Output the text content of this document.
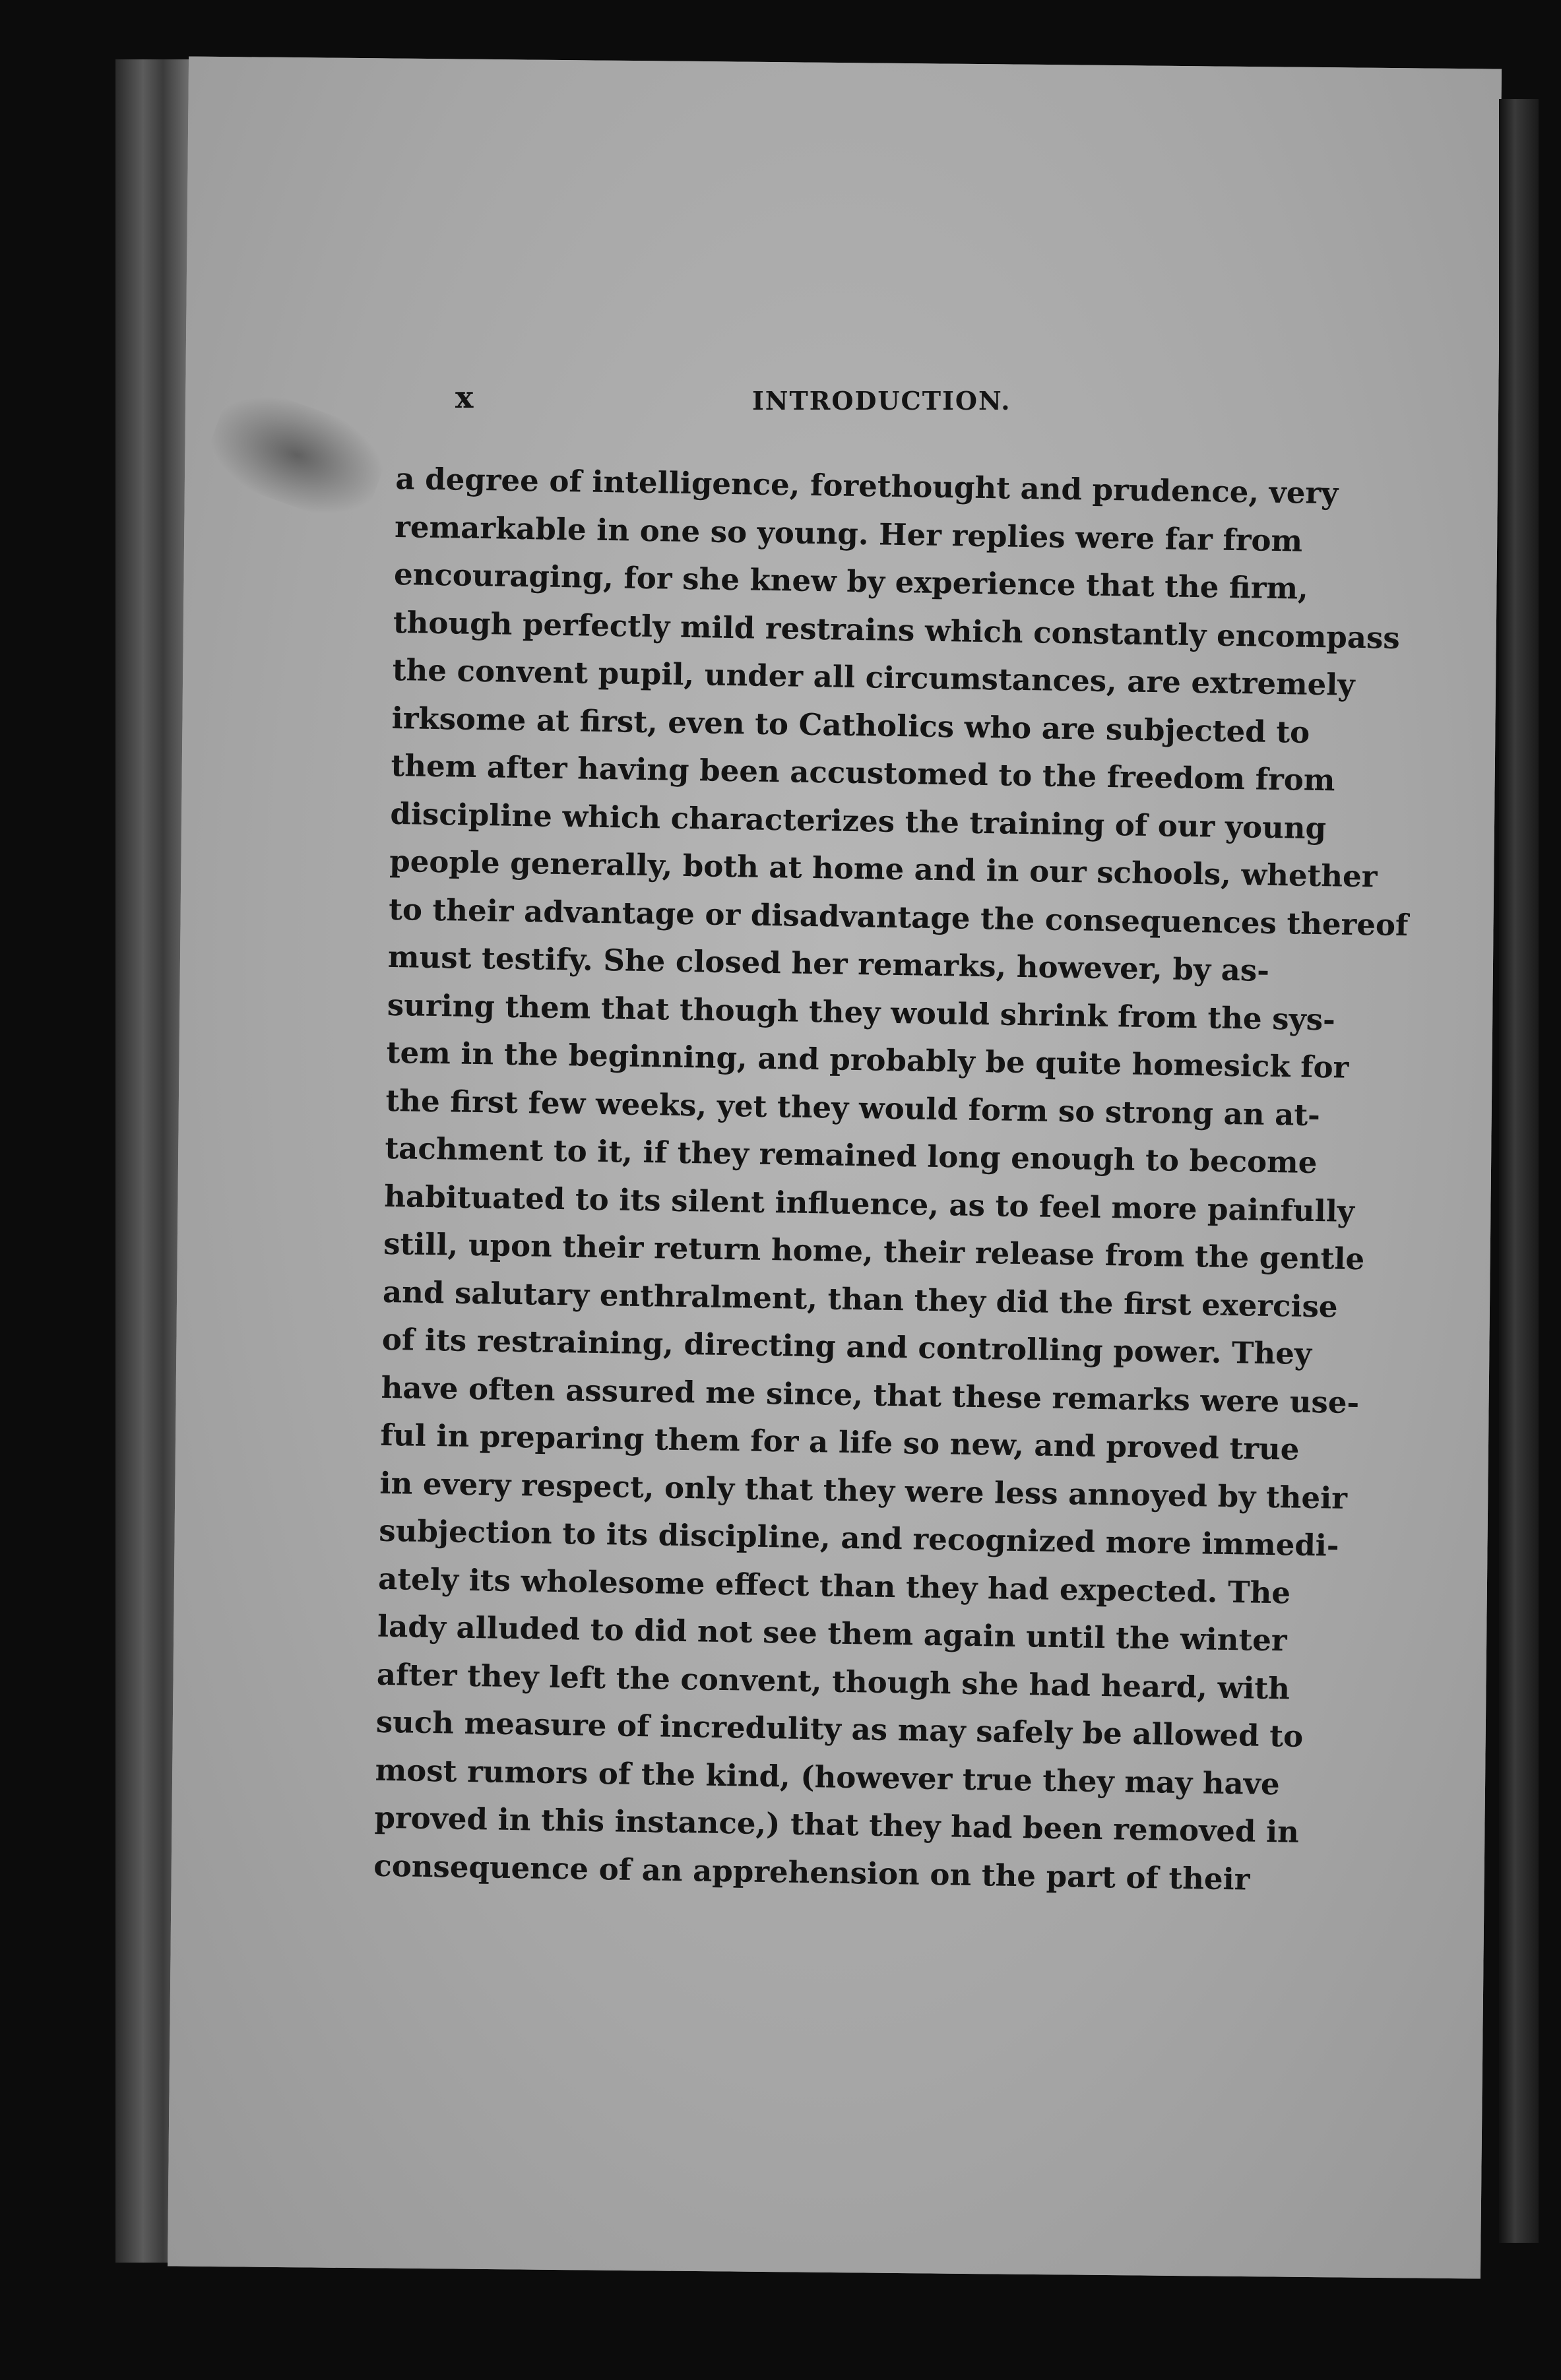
x	INTRODUCTION.
a degree of intelligence, forethought and prudence, very
remarkable in one so young. Her replies were far from
encouraging, for she knew by experience that the firm,
though perfectly mild restrains which constantly encompass
the convent pupil, under all circumstances, are extremely
irksome at first, even to Catholics who are subjected to
them after having been accustomed to the freedom from
discipline which characterizes the training of our young
people generally, both at home and in our schools, whether
to their advantage or disadvantage the consequences thereof
must testify. She closed her remarks, however, by as-
suring them that though they would shrink from the sys-
tem in the beginning, and probably be quite homesick for
the first few weeks, yet they would form so strong an at-
tachment to it, if they remained long enough to become
habituated to its silent influence, as to feel more painfully
still, upon their return home, their release from the gentle
and salutary enthralment, than they did the first exercise
of its restraining, directing and controlling power. They
have often assured me since, that these remarks were use-
ful in preparing them for a life so new, and proved true
in every respect, only that they were less annoyed by their
subjection to its discipline, and recognized more immedi-
ately its wholesome effect than they had expected. The
lady alluded to did not see them again until the winter
after they left the convent, though she had heard, with
such measure of incredulity as may safely be allowed to
most rumors of the kind, (however true they may have
proved in this instance,) that they had been removed in
consequence of an apprehension on the part of their
